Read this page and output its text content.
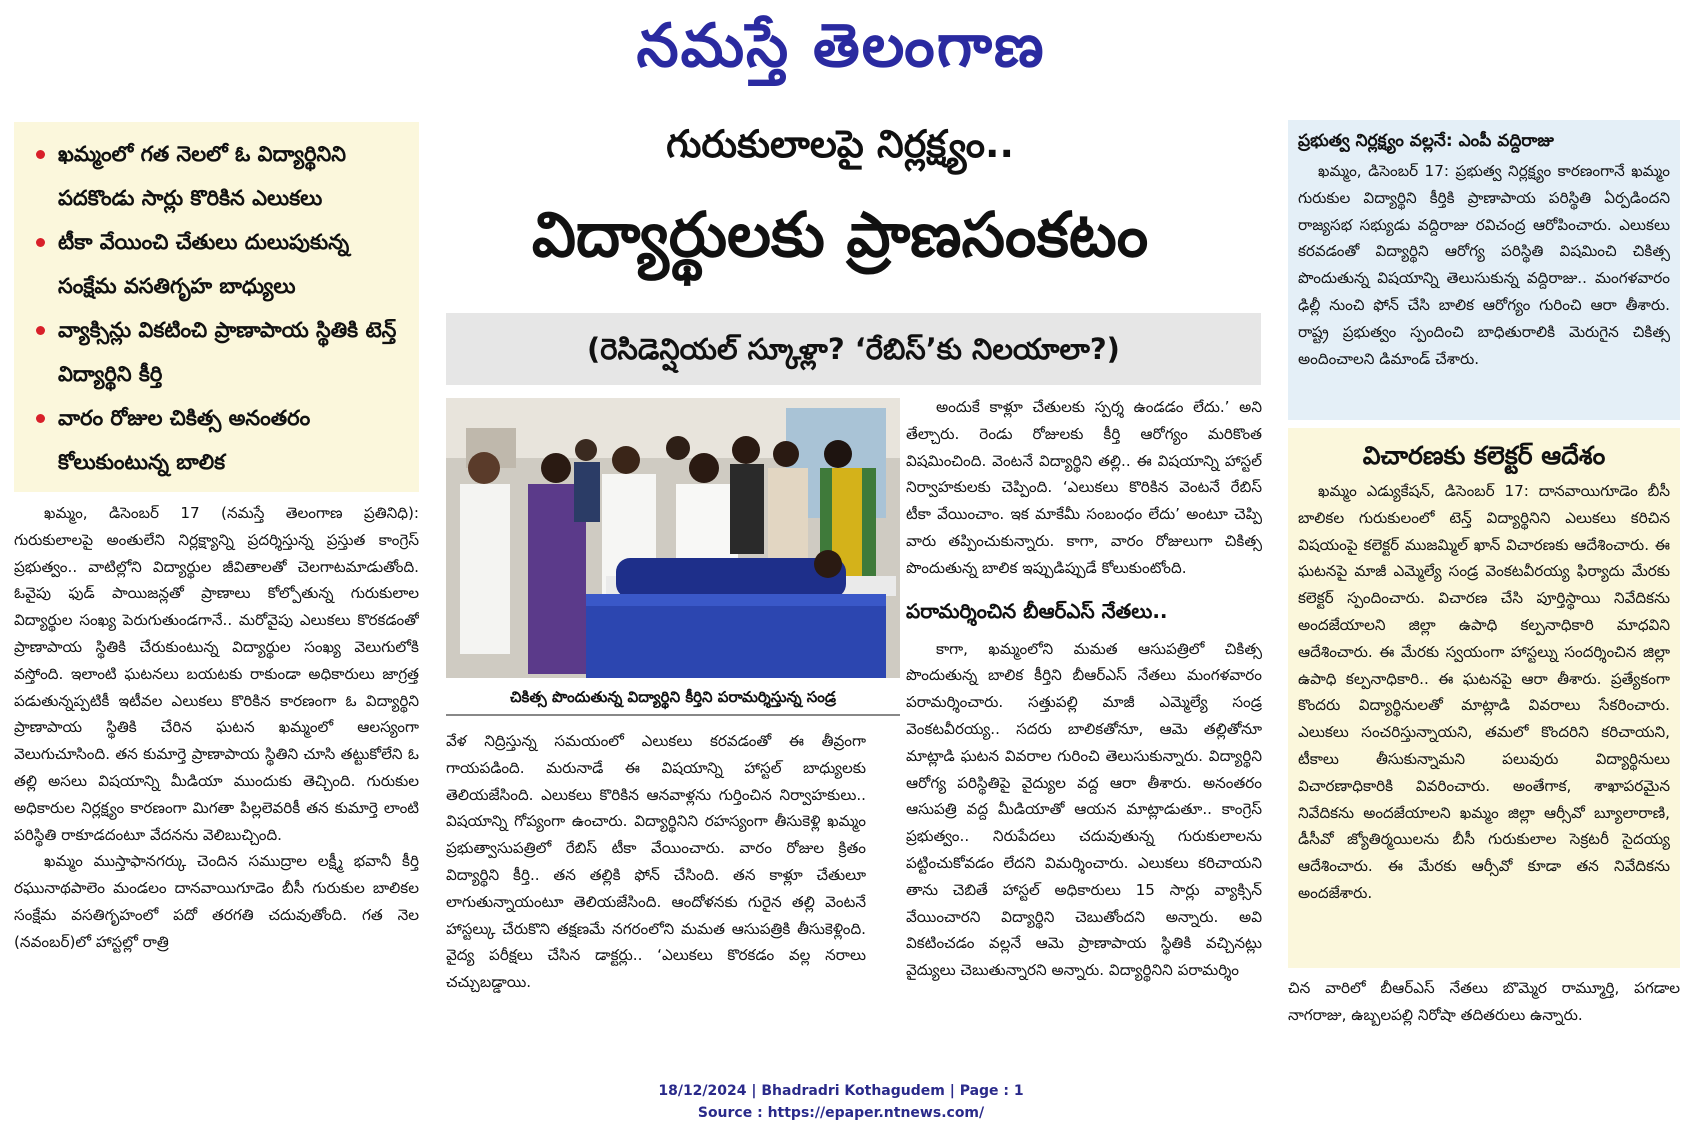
నమస్తే తెలంగాణ
ఖమ్మంలో గత నెలలో ఓ విద్యార్థినిని పదకొండు సార్లు కొరికిన ఎలుకలు
టీకా వేయించి చేతులు దులుపుకున్న సంక్షేమ వసతిగృహ బాధ్యులు
వ్యాక్సిన్లు వికటించి ప్రాణాపాయ స్థితికి టెన్త్ విద్యార్థిని కీర్తి
వారం రోజుల చికిత్స అనంతరం కోలుకుంటున్న బాలిక
గురుకులాలపై నిర్లక్ష్యం..
విద్యార్థులకు ప్రాణసంకటం
(రెసిడెన్షియల్ స్కూళ్లా? ‘రేబిస్’కు నిలయాలా?)
చికిత్స పొందుతున్న విద్యార్థిని కీర్తిని పరామర్శిస్తున్న సండ్ర

ఖమ్మం, డిసెంబర్ 17 (నమస్తే తెలంగాణ ప్రతినిధి): గురుకులాలపై అంతులేని నిర్లక్ష్యాన్ని ప్రదర్శిస్తున్న ప్రస్తుత కాంగ్రెస్ ప్రభుత్వం.. వాటిల్లోని విద్యార్థుల జీవితాలతో చెలగాటమాడుతోంది. ఓవైపు ఫుడ్ పాయిజన్లతో ప్రాణాలు కోల్పోతున్న గురుకులాల విద్యార్థుల సంఖ్య పెరుగుతుండగానే.. మరోవైపు ఎలుకలు కొరకడంతో ప్రాణాపాయ స్థితికి చేరుకుంటున్న విద్యార్థుల సంఖ్య వెలుగులోకి వస్తోంది. ఇలాంటి ఘటనలు బయటకు రాకుండా అధికారులు జాగ్రత్త పడుతున్నప్పటికీ ఇటీవల ఎలుకలు కొరికిన కారణంగా ఓ విద్యార్థిని ప్రాణాపాయ స్థితికి చేరిన ఘటన ఖమ్మంలో ఆలస్యంగా వెలుగుచూసింది. తన కుమార్తె ప్రాణాపాయ స్థితిని చూసి తట్టుకోలేని ఓ తల్లి అసలు విషయాన్ని మీడియా ముందుకు తెచ్చింది. గురుకుల అధికారుల నిర్లక్ష్యం కారణంగా మిగతా పిల్లలెవరికీ తన కుమార్తె లాంటి పరిస్థితి రాకూడదంటూ వేదనను వెలిబుచ్చింది.

ఖమ్మం ముస్తాఫానగర్కు చెందిన సముద్రాల లక్ష్మీ భవానీ కీర్తి రఘునాథపాలెం మండలం దానవాయిగూడెం బీసీ గురుకుల బాలికల సంక్షేమ వసతిగృహంలో పదో తరగతి చదువుతోంది. గత నెల (నవంబర్)లో హాస్టల్లో రాత్రి

వేళ నిద్రిస్తున్న సమయంలో ఎలుకలు కరవడంతో ఈ తీవ్రంగా గాయపడింది. మరునాడే ఈ విషయాన్ని హాస్టల్ బాధ్యులకు తెలియజేసింది. ఎలుకలు కొరికిన ఆనవాళ్లను గుర్తించిన నిర్వాహకులు.. విషయాన్ని గోప్యంగా ఉంచారు. విద్యార్థినిని రహస్యంగా తీసుకెళ్లి ఖమ్మం ప్రభుత్వాసుపత్రిలో రేబిస్ టీకా వేయించారు. వారం రోజుల క్రితం విద్యార్థిని కీర్తి.. తన తల్లికి ఫోన్ చేసింది. తన కాళ్లూ చేతులూ లాగుతున్నాయంటూ తెలియజేసింది. ఆందోళనకు గురైన తల్లి వెంటనే హాస్టల్కు చేరుకొని తక్షణమే నగరంలోని మమత ఆసుపత్రికి తీసుకెళ్లింది. వైద్య పరీక్షలు చేసిన డాక్టర్లు.. ‘ఎలుకలు కొరకడం వల్ల నరాలు చచ్చుబడ్డాయి.

అందుకే కాళ్లూ చేతులకు స్పర్శ ఉండడం లేదు.’ అని తేల్చారు. రెండు రోజులకు కీర్తి ఆరోగ్యం మరికొంత విషమించింది. వెంటనే విద్యార్థిని తల్లి.. ఈ విషయాన్ని హాస్టల్ నిర్వాహకులకు చెప్పింది. ‘ఎలుకలు కొరికిన వెంటనే రేబిస్ టీకా వేయించాం. ఇక మాకేమీ సంబంధం లేదు’ అంటూ చెప్పి వారు తప్పించుకున్నారు. కాగా, వారం రోజులుగా చికిత్స పొందుతున్న బాలిక ఇప్పుడిప్పుడే కోలుకుంటోంది.

పరామర్శించిన బీఆర్ఎస్ నేతలు..

కాగా, ఖమ్మంలోని మమత ఆసుపత్రిలో చికిత్స పొందుతున్న బాలిక కీర్తిని బీఆర్ఎస్ నేతలు మంగళవారం పరామర్శించారు. సత్తుపల్లి మాజీ ఎమ్మెల్యే సండ్ర వెంకటవీరయ్య.. సదరు బాలికతోనూ, ఆమె తల్లితోనూ మాట్లాడి ఘటన వివరాల గురించి తెలుసుకున్నారు. విద్యార్థిని ఆరోగ్య పరిస్థితిపై వైద్యుల వద్ద ఆరా తీశారు. అనంతరం ఆసుపత్రి వద్ద మీడియాతో ఆయన మాట్లాడుతూ.. కాంగ్రెస్ ప్రభుత్వం.. నిరుపేదలు చదువుతున్న గురుకులాలను పట్టించుకోవడం లేదని విమర్శించారు. ఎలుకలు కరిచాయని తాను చెబితే హాస్టల్ అధికారులు 15 సార్లు వ్యాక్సిన్ వేయించారని విద్యార్థిని చెబుతోందని అన్నారు. అవి వికటించడం వల్లనే ఆమె ప్రాణాపాయ స్థితికి వచ్చినట్లు వైద్యులు చెబుతున్నారని అన్నారు. విద్యార్థినిని పరామర్శిం

ప్రభుత్వ నిర్లక్ష్యం వల్లనే: ఎంపీ వద్దిరాజు

ఖమ్మం, డిసెంబర్ 17: ప్రభుత్వ నిర్లక్ష్యం కారణంగానే ఖమ్మం గురుకుల విద్యార్థిని కీర్తికి ప్రాణాపాయ పరిస్థితి ఏర్పడిందని రాజ్యసభ సభ్యుడు వద్దిరాజు రవిచంద్ర ఆరోపించారు. ఎలుకలు కరవడంతో విద్యార్థిని ఆరోగ్య పరిస్థితి విషమించి చికిత్స పొందుతున్న విషయాన్ని తెలుసుకున్న వద్దిరాజు.. మంగళవారం ఢిల్లీ నుంచి ఫోన్ చేసి బాలిక ఆరోగ్యం గురించి ఆరా తీశారు. రాష్ట్ర ప్రభుత్వం స్పందించి బాధితురాలికి మెరుగైన చికిత్స అందించాలని డిమాండ్ చేశారు.

విచారణకు కలెక్టర్ ఆదేశం

ఖమ్మం ఎడ్యుకేషన్, డిసెంబర్ 17: దానవాయిగూడెం బీసీ బాలికల గురుకులంలో టెన్త్ విద్యార్థినిని ఎలుకలు కరిచిన విషయంపై కలెక్టర్ ముజమ్మిల్ ఖాన్ విచారణకు ఆదేశించారు. ఈ ఘటనపై మాజీ ఎమ్మెల్యే సండ్ర వెంకటవీరయ్య ఫిర్యాదు మేరకు కలెక్టర్ స్పందించారు. విచారణ చేసి పూర్తిస్థాయి నివేదికను అందజేయాలని జిల్లా ఉపాధి కల్పనాధికారి మాధవిని ఆదేశించారు. ఈ మేరకు స్వయంగా హాస్టల్ను సందర్శించిన జిల్లా ఉపాధి కల్పనాధికారి.. ఈ ఘటనపై ఆరా తీశారు. ప్రత్యేకంగా కొందరు విద్యార్థినులతో మాట్లాడి వివరాలు సేకరించారు. ఎలుకలు సంచరిస్తున్నాయని, తమలో కొందరిని కరిచాయని, టీకాలు తీసుకున్నామని పలువురు విద్యార్థినులు విచారణాధికారికి వివరించారు. అంతేగాక, శాఖాపరమైన నివేదికను అందజేయాలని ఖమ్మం జిల్లా ఆర్సీవో బ్యూలారాణి, డీసీవో జ్యోతిర్మయిలను బీసీ గురుకులాల సెక్రటరీ సైదయ్య ఆదేశించారు. ఈ మేరకు ఆర్సీవో కూడా తన నివేదికను అందజేశారు.

చిన వారిలో బీఆర్ఎస్ నేతలు బొమ్మెర రామ్మూర్తి, పగడాల నాగరాజు, ఉబ్బలపల్లి నిరోషా తదితరులు ఉన్నారు.

18/12/2024 | Bhadradri Kothagudem | Page : 1
Source : https://epaper.ntnews.com/
